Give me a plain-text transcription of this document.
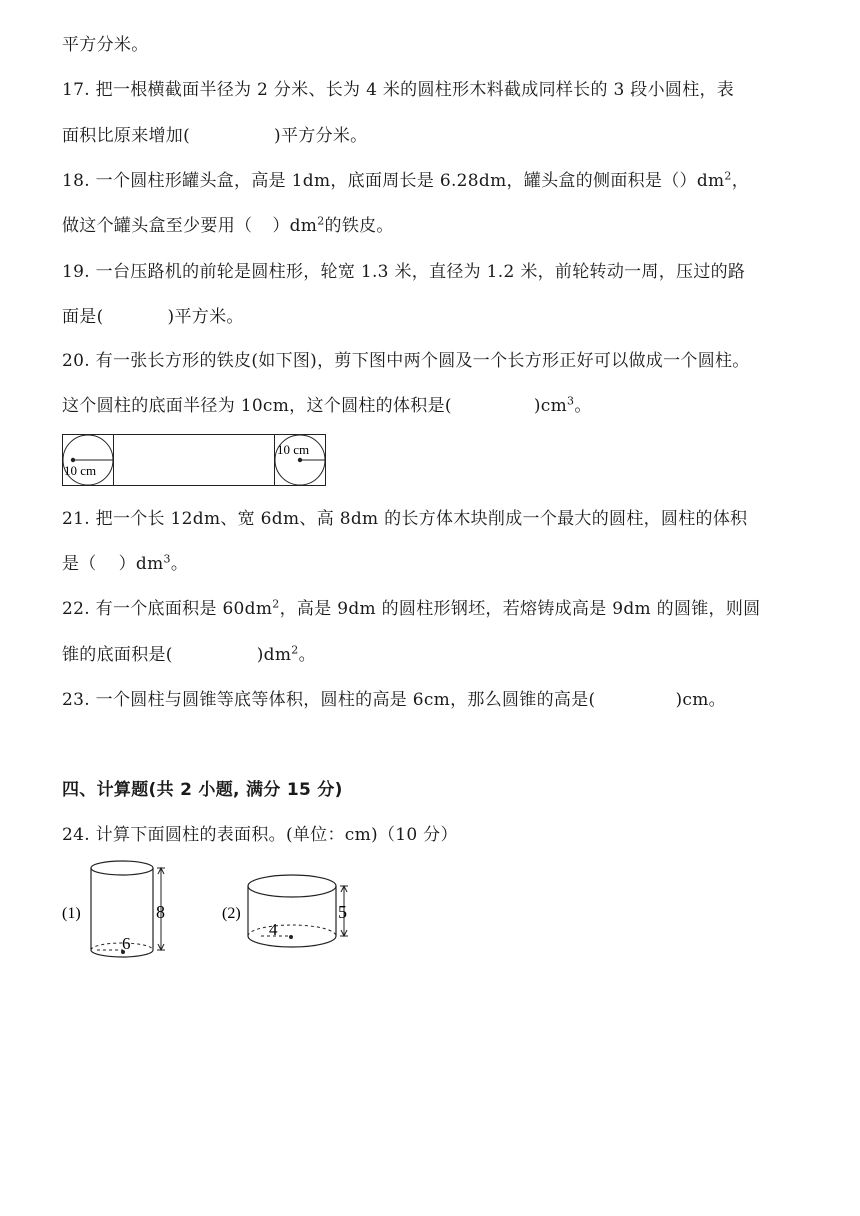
平方分米。
17. 把一根横截面半径为 2 分米、长为 4 米的圆柱形木料截成同样长的 3 段小圆柱，表
面积比原来增加(	)平方分米。
18. 一个圆柱形罐头盒，高是 1dm，底面周长是 6.28dm，罐头盒的侧面积是$()dm^2$，
做这个罐头盒至少要用（ ）$dm^2$的铁皮。
19. 一台压路机的前轮是圆柱形，轮宽 1.3 米，直径为 1.2 米，前轮转动一周，压过的路
面是(	)平方米。
20. 有一张长方形的铁皮(如下图)，剪下图中两个圆及一个长方形正好可以做成一个圆柱。
这个圆柱的底面半径为 10cm，这个圆柱的体积是(	)$cm^3$。
10 cm
10 cm
21. 把一个长 12dm、宽 6dm、高 8dm 的长方体木块削成一个最大的圆柱，圆柱的体积
是（ ）$dm^3$。
22. 有一个底面积是 $60dm^2$，高是 9dm 的圆柱形钢坯，若熔铸成高是 9dm 的圆锥，则圆
锥的底面积是(	)$dm^2$。
23. 一个圆柱与圆锥等底等体积，圆柱的高是 6cm，那么圆锥的高是(	)cm。
四、计算题(共 2 小题, 满分 15 分)
24. 计算下面圆柱的表面积。(单位：cm)（10 分）
(1)
6
8	(2)
4
5
